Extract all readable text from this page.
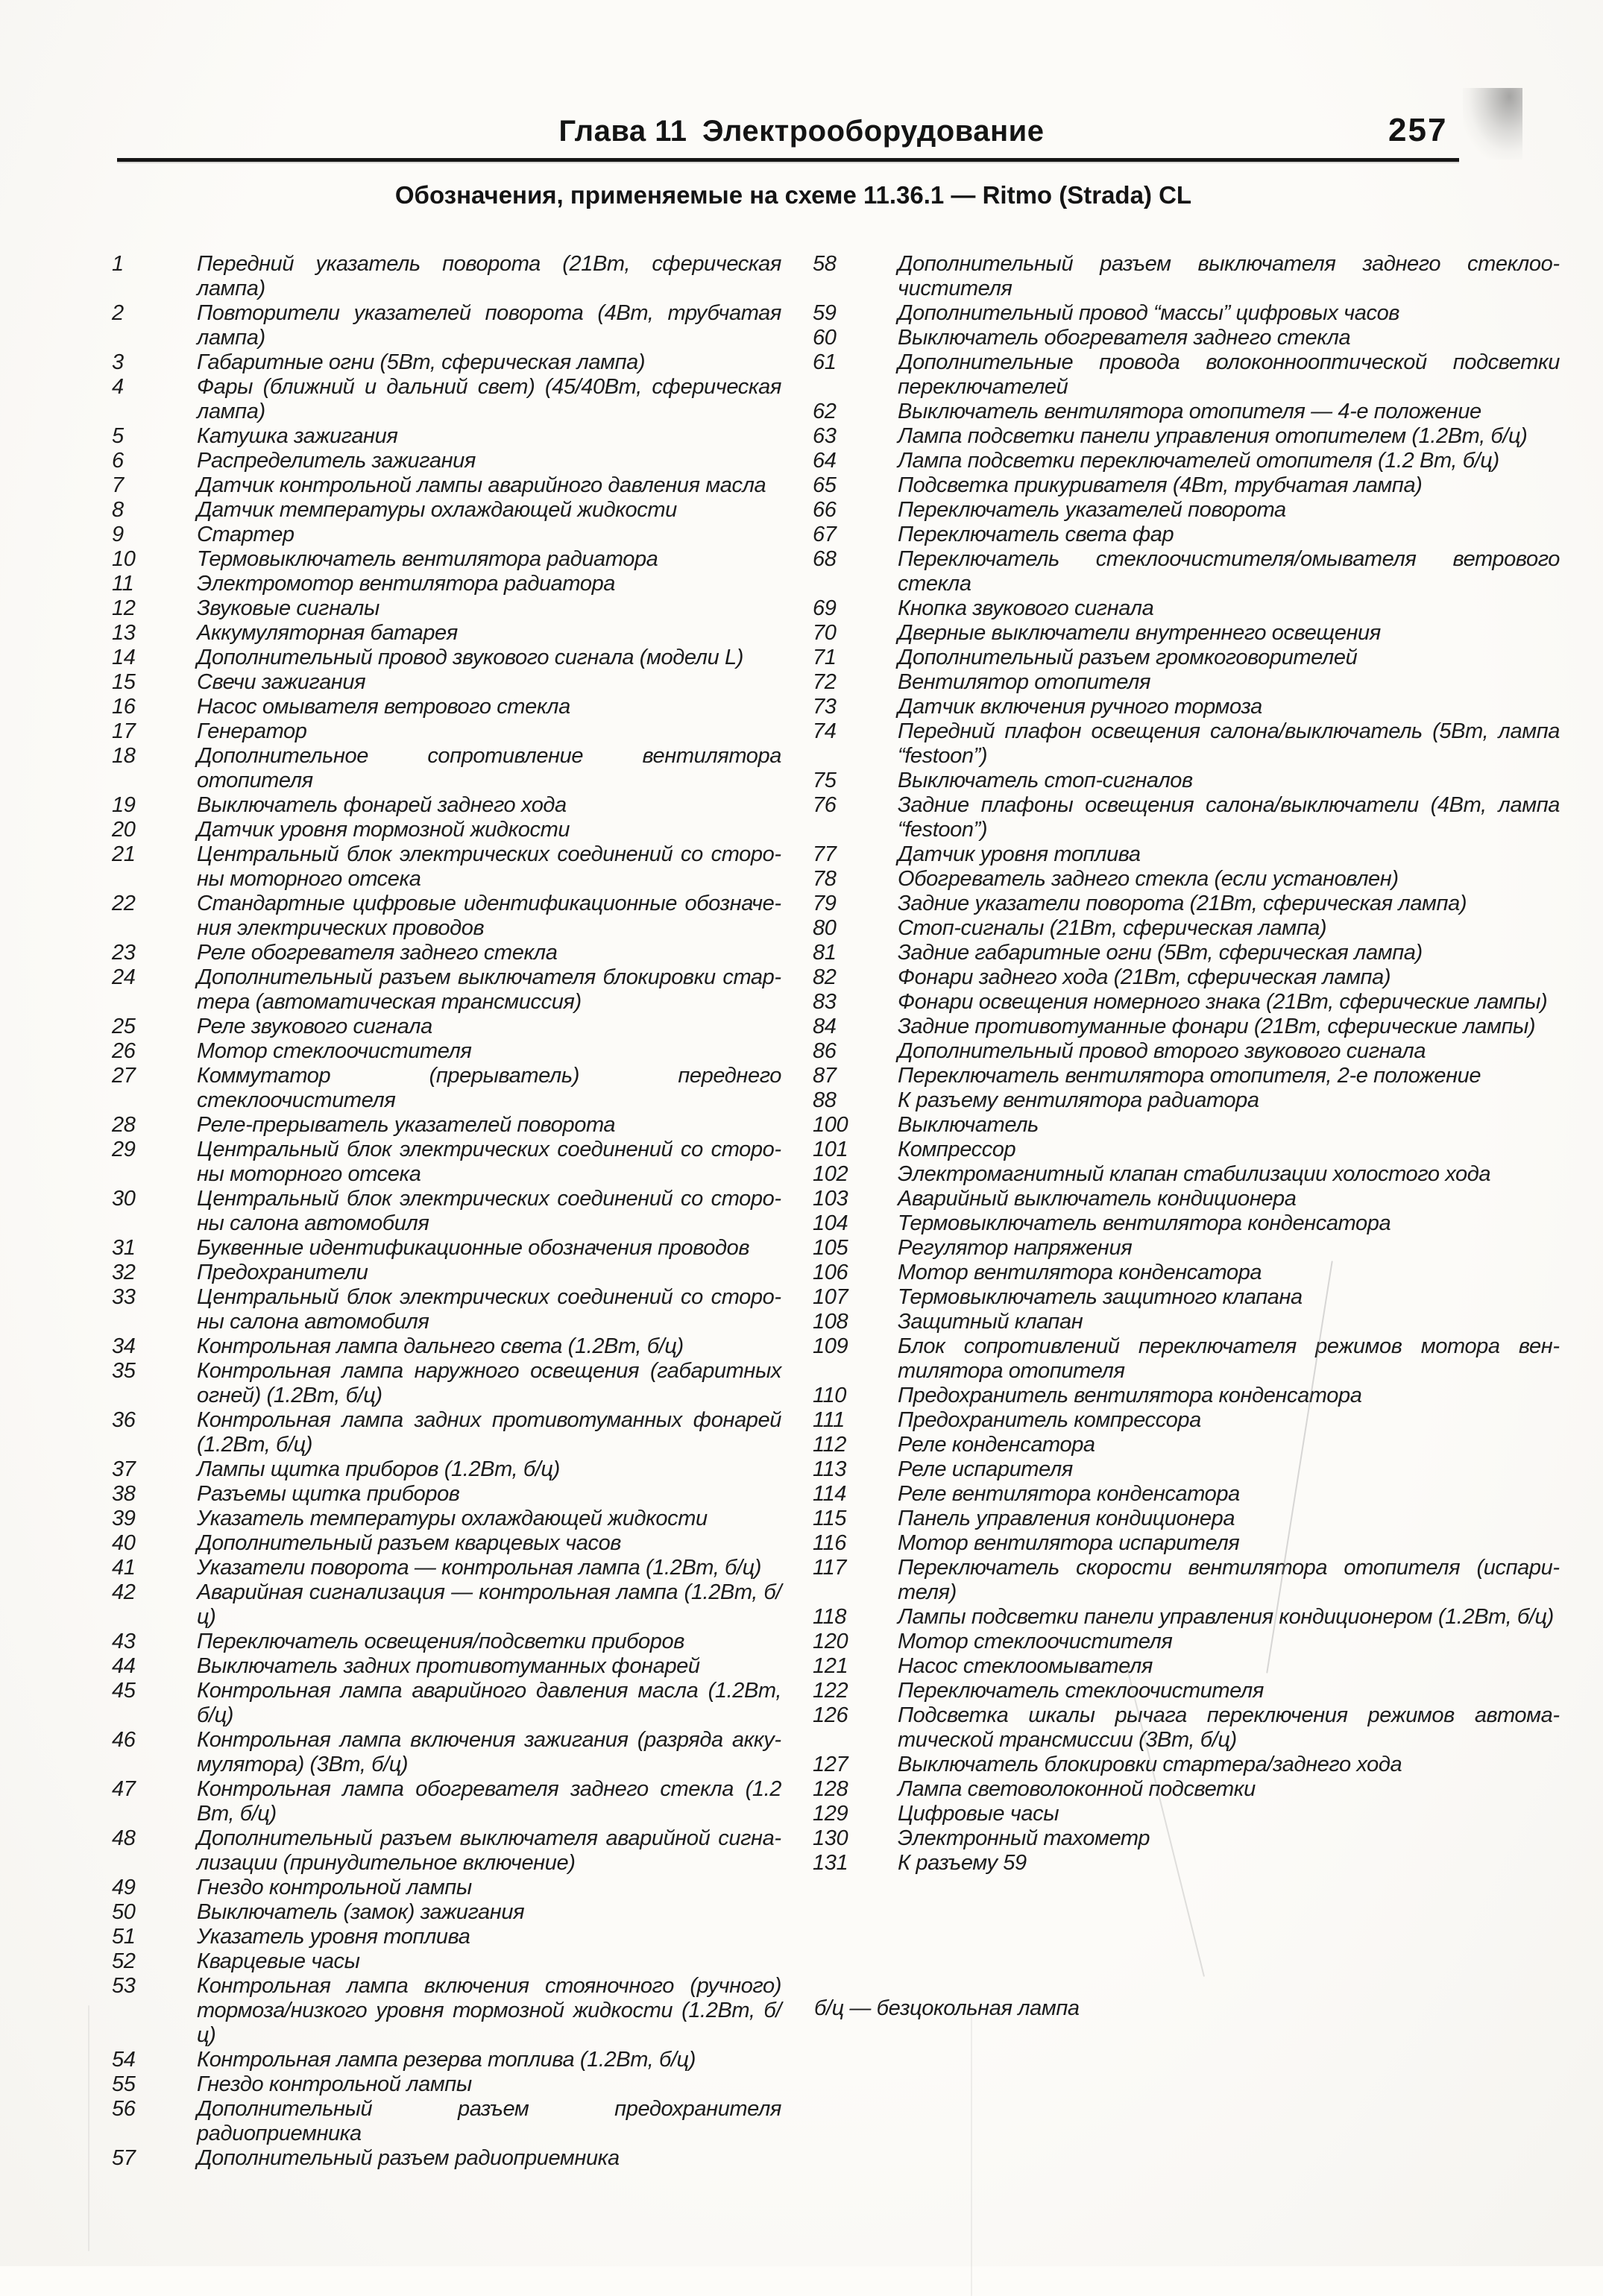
Глава 11 Электрооборудование	257
Обозначения, применяемые на схеме 11.36.1 — Ritmo (Strada) CL
1	Передний указатель поворота (21Вт, сферическая лампа)
2	Повторители указателей поворота (4Вт, трубчатая лампа)
3	Габаритные огни (5Вт, сферическая лампа)
4	Фары (ближний и дальний свет) (45/40Вт, сферическая лампа)
5	Катушка зажигания
6	Распределитель зажигания
7	Датчик контрольной лампы аварийного давления масла
8	Датчик температуры охлаждающей жидкости
9	Стартер
10	Термовыключатель вентилятора радиатора
11	Электромотор вентилятора радиатора
12	Звуковые сигналы
13	Аккумуляторная батарея
14	Дополнительный провод звукового сигнала (модели L)
15	Свечи зажигания
16	Насос омывателя ветрового стекла
17	Генератор
18	Дополнительное сопротивление вентилятора отопителя
19	Выключатель фонарей заднего хода
20	Датчик уровня тормозной жидкости
21	Центральный блок электрических соединений со стороны моторного отсека
22	Стандартные цифровые идентификационные обозначения электрических проводов
23	Реле обогревателя заднего стекла
24	Дополнительный разъем выключателя блокировки стартера (автоматическая трансмиссия)
25	Реле звукового сигнала
26	Мотор стеклоочистителя
27	Коммутатор (прерыватель) переднего стеклоочистителя
28	Реле-прерыватель указателей поворота
29	Центральный блок электрических соединений со стороны моторного отсека
30	Центральный блок электрических соединений со стороны салона автомобиля
31	Буквенные идентификационные обозначения проводов
32	Предохранители
33	Центральный блок электрических соединений со стороны салона автомобиля
34	Контрольная лампа дальнего света (1.2Вт, б/ц)
35	Контрольная лампа наружного освещения (габаритных огней) (1.2Вт, б/ц)
36	Контрольная лампа задних противотуманных фонарей (1.2Вт, б/ц)
37	Лампы щитка приборов (1.2Вт, б/ц)
38	Разъемы щитка приборов
39	Указатель температуры охлаждающей жидкости
40	Дополнительный разъем кварцевых часов
41	Указатели поворота — контрольная лампа (1.2Вт, б/ц)
42	Аварийная сигнализация — контрольная лампа (1.2Вт, б/ц)
43	Переключатель освещения/подсветки приборов
44	Выключатель задних противотуманных фонарей
45	Контрольная лампа аварийного давления масла (1.2Вт, б/ц)
46	Контрольная лампа включения зажигания (разряда аккумулятора) (3Вт, б/ц)
47	Контрольная лампа обогревателя заднего стекла (1.2 Вт, б/ц)
48	Дополнительный разъем выключателя аварийной сигнализации (принудительное включение)
49	Гнездо контрольной лампы
50	Выключатель (замок) зажигания
51	Указатель уровня топлива
52	Кварцевые часы
53	Контрольная лампа включения стояночного (ручного) тормоза/низкого уровня тормозной жидкости (1.2Вт, б/ц)
54	Контрольная лампа резерва топлива (1.2Вт, б/ц)
55	Гнездо контрольной лампы
56	Дополнительный разъем предохранителя радиоприемника
57	Дополнительный разъем радиоприемника
58	Дополнительный разъем выключателя заднего стеклоочистителя
59	Дополнительный провод “массы” цифровых часов
60	Выключатель обогревателя заднего стекла
61	Дополнительные провода волоконнооптической подсветки переключателей
62	Выключатель вентилятора отопителя — 4-е положение
63	Лампа подсветки панели управления отопителем (1.2Вт, б/ц)
64	Лампа подсветки переключателей отопителя (1.2 Вт, б/ц)
65	Подсветка прикуривателя (4Вт, трубчатая лампа)
66	Переключатель указателей поворота
67	Переключатель света фар
68	Переключатель стеклоочистителя/омывателя ветрового стекла
69	Кнопка звукового сигнала
70	Дверные выключатели внутреннего освещения
71	Дополнительный разъем громкоговорителей
72	Вентилятор отопителя
73	Датчик включения ручного тормоза
74	Передний плафон освещения салона/выключатель (5Вт, лампа “festoon”)
75	Выключатель стоп-сигналов
76	Задние плафоны освещения салона/выключатели (4Вт, лампа “festoon”)
77	Датчик уровня топлива
78	Обогреватель заднего стекла (если установлен)
79	Задние указатели поворота (21Вт, сферическая лампа)
80	Стоп-сигналы (21Вт, сферическая лампа)
81	Задние габаритные огни (5Вт, сферическая лампа)
82	Фонари заднего хода (21Вт, сферическая лампа)
83	Фонари освещения номерного знака (21Вт, сферические лампы)
84	Задние противотуманные фонари (21Вт, сферические лампы)
86	Дополнительный провод второго звукового сигнала
87	Переключатель вентилятора отопителя, 2-е положение
88	К разъему вентилятора радиатора
100	Выключатель
101	Компрессор
102	Электромагнитный клапан стабилизации холостого хода
103	Аварийный выключатель кондиционера
104	Термовыключатель вентилятора конденсатора
105	Регулятор напряжения
106	Мотор вентилятора конденсатора
107	Термовыключатель защитного клапана
108	Защитный клапан
109	Блок сопротивлений переключателя режимов мотора вентилятора отопителя
110	Предохранитель вентилятора конденсатора
111	Предохранитель компрессора
112	Реле конденсатора
113	Реле испарителя
114	Реле вентилятора конденсатора
115	Панель управления кондиционера
116	Мотор вентилятора испарителя
117	Переключатель скорости вентилятора отопителя (испарителя)
118	Лампы подсветки панели управления кондиционером (1.2Вт, б/ц)
120	Мотор стеклоочистителя
121	Насос стеклоомывателя
122	Переключатель стеклоочистителя
126	Подсветка шкалы рычага переключения режимов автоматической трансмиссии (3Вт, б/ц)
127	Выключатель блокировки стартера/заднего хода
128	Лампа световолоконной подсветки
129	Цифровые часы
130	Электронный тахометр
131	К разъему 59
б/ц — безцокольная лампа
